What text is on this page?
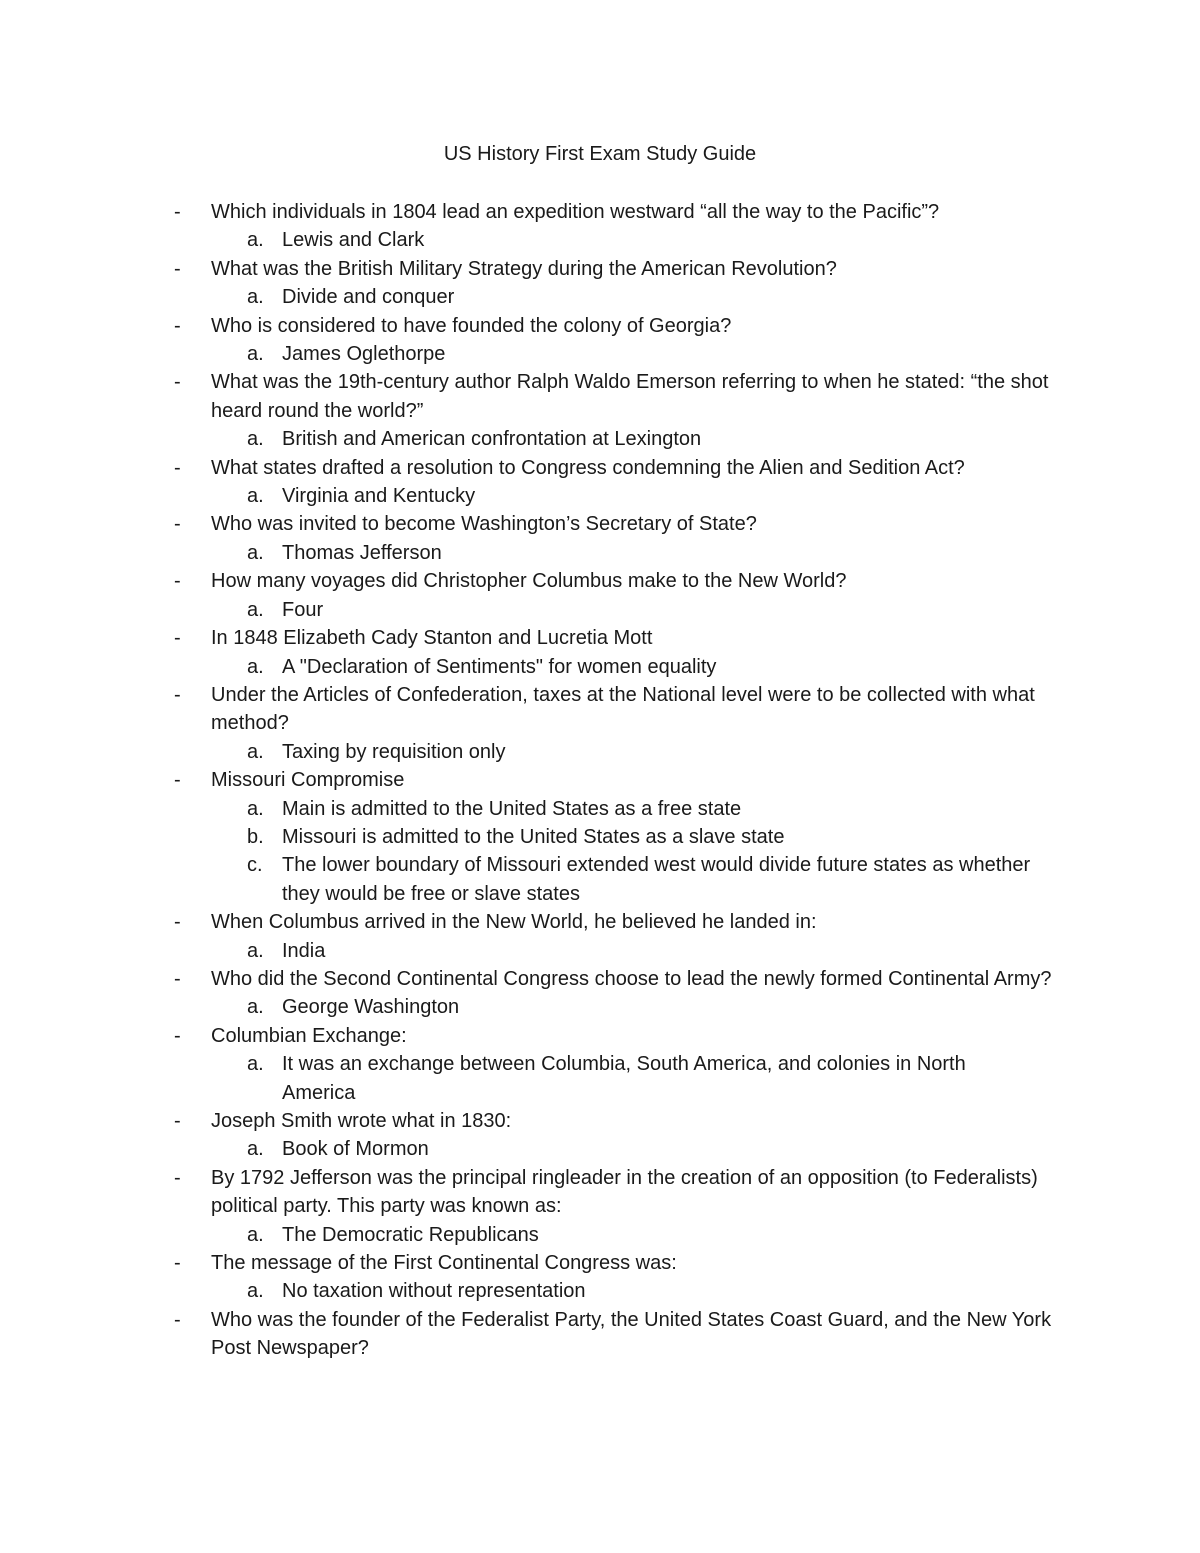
US History First Exam Study Guide
- Which individuals in 1804 lead an expedition westward “all the way to the Pacific”?
a. Lewis and Clark
- What was the British Military Strategy during the American Revolution?
a. Divide and conquer
- Who is considered to have founded the colony of Georgia?
a. James Oglethorpe
- What was the 19th-century author Ralph Waldo Emerson referring to when he stated: “the shot heard round the world?”
a. British and American confrontation at Lexington
- What states drafted a resolution to Congress condemning the Alien and Sedition Act?
a. Virginia and Kentucky
- Who was invited to become Washington’s Secretary of State?
a. Thomas Jefferson
- How many voyages did Christopher Columbus make to the New World?
a. Four
- In 1848 Elizabeth Cady Stanton and Lucretia Mott
a. A "Declaration of Sentiments" for women equality
- Under the Articles of Confederation, taxes at the National level were to be collected with what method?
a. Taxing by requisition only
- Missouri Compromise
a. Main is admitted to the United States as a free state
b. Missouri is admitted to the United States as a slave state
c. The lower boundary of Missouri extended west would divide future states as whether they would be free or slave states
- When Columbus arrived in the New World, he believed he landed in:
a. India
- Who did the Second Continental Congress choose to lead the newly formed Continental Army?
a. George Washington
- Columbian Exchange:
a. It was an exchange between Columbia, South America, and colonies in North America
- Joseph Smith wrote what in 1830:
a. Book of Mormon
- By 1792 Jefferson was the principal ringleader in the creation of an opposition (to Federalists) political party. This party was known as:
a. The Democratic Republicans
- The message of the First Continental Congress was:
a. No taxation without representation
- Who was the founder of the Federalist Party, the United States Coast Guard, and the New York Post Newspaper?
